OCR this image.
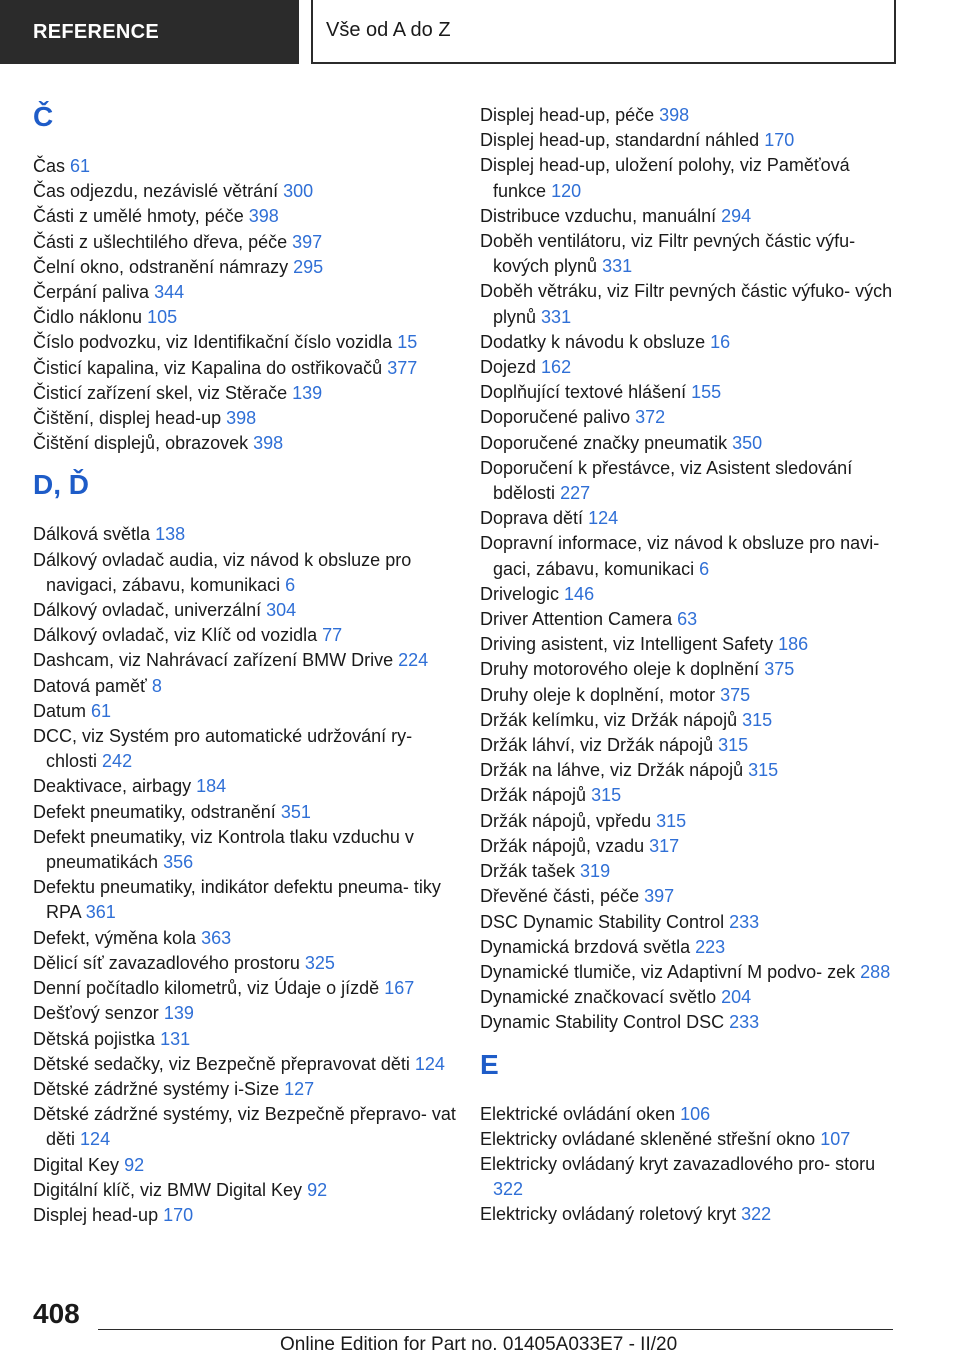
REFERENCE	Vše od A do Z
Č
Čas 61
Čas odjezdu, nezávislé větrání 300
Části z umělé hmoty, péče 398
Části z ušlechtilého dřeva, péče 397
Čelní okno, odstranění námrazy 295
Čerpání paliva 344
Čidlo náklonu 105
Číslo podvozku, viz Identifikační číslo vozidla 15
Čisticí kapalina, viz Kapalina do ostřikovačů 377
Čisticí zařízení skel, viz Stěrače 139
Čištění, displej head-up 398
Čištění displejů, obrazovek 398
D, Ď
Dálková světla 138
Dálkový ovladač audia, viz návod k obsluze pro navigaci, zábavu, komunikaci 6
Dálkový ovladač, univerzální 304
Dálkový ovladač, viz Klíč od vozidla 77
Dashcam, viz Nahrávací zařízení BMW Drive 224
Datová paměť 8
Datum 61
DCC, viz Systém pro automatické udržování ry- chlosti 242
Deaktivace, airbagy 184
Defekt pneumatiky, odstranění 351
Defekt pneumatiky, viz Kontrola tlaku vzduchu v pneumatikách 356
Defektu pneumatiky, indikátor defektu pneuma- tiky RPA 361
Defekt, výměna kola 363
Dělicí síť zavazadlového prostoru 325
Denní počítadlo kilometrů, viz Údaje o jízdě 167
Dešťový senzor 139
Dětská pojistka 131
Dětské sedačky, viz Bezpečně přepravovat děti 124
Dětské zádržné systémy i-Size 127
Dětské zádržné systémy, viz Bezpečně přepravo- vat děti 124
Digital Key 92
Digitální klíč, viz BMW Digital Key 92
Displej head-up 170
Displej head-up, péče 398
Displej head-up, standardní náhled 170
Displej head-up, uložení polohy, viz Paměťová funkce 120
Distribuce vzduchu, manuální 294
Doběh ventilátoru, viz Filtr pevných částic výfu- kových plynů 331
Doběh větráku, viz Filtr pevných částic výfuko- vých plynů 331
Dodatky k návodu k obsluze 16
Dojezd 162
Doplňující textové hlášení 155
Doporučené palivo 372
Doporučené značky pneumatik 350
Doporučení k přestávce, viz Asistent sledování bdělosti 227
Doprava dětí 124
Dopravní informace, viz návod k obsluze pro navi- gaci, zábavu, komunikaci 6
Drivelogic 146
Driver Attention Camera 63
Driving asistent, viz Intelligent Safety 186
Druhy motorového oleje k doplnění 375
Druhy oleje k doplnění, motor 375
Držák kelímku, viz Držák nápojů 315
Držák láhví, viz Držák nápojů 315
Držák na láhve, viz Držák nápojů 315
Držák nápojů 315
Držák nápojů, vpředu 315
Držák nápojů, vzadu 317
Držák tašek 319
Dřevěné části, péče 397
DSC Dynamic Stability Control 233
Dynamická brzdová světla 223
Dynamické tlumiče, viz Adaptivní M podvo- zek 288
Dynamické značkovací světlo 204
Dynamic Stability Control DSC 233
E
Elektrické ovládání oken 106
Elektricky ovládané skleněné střešní okno 107
Elektricky ovládaný kryt zavazadlového pro- storu 322
Elektricky ovládaný roletový kryt 322
408
Online Edition for Part no. 01405A033E7 - II/20
